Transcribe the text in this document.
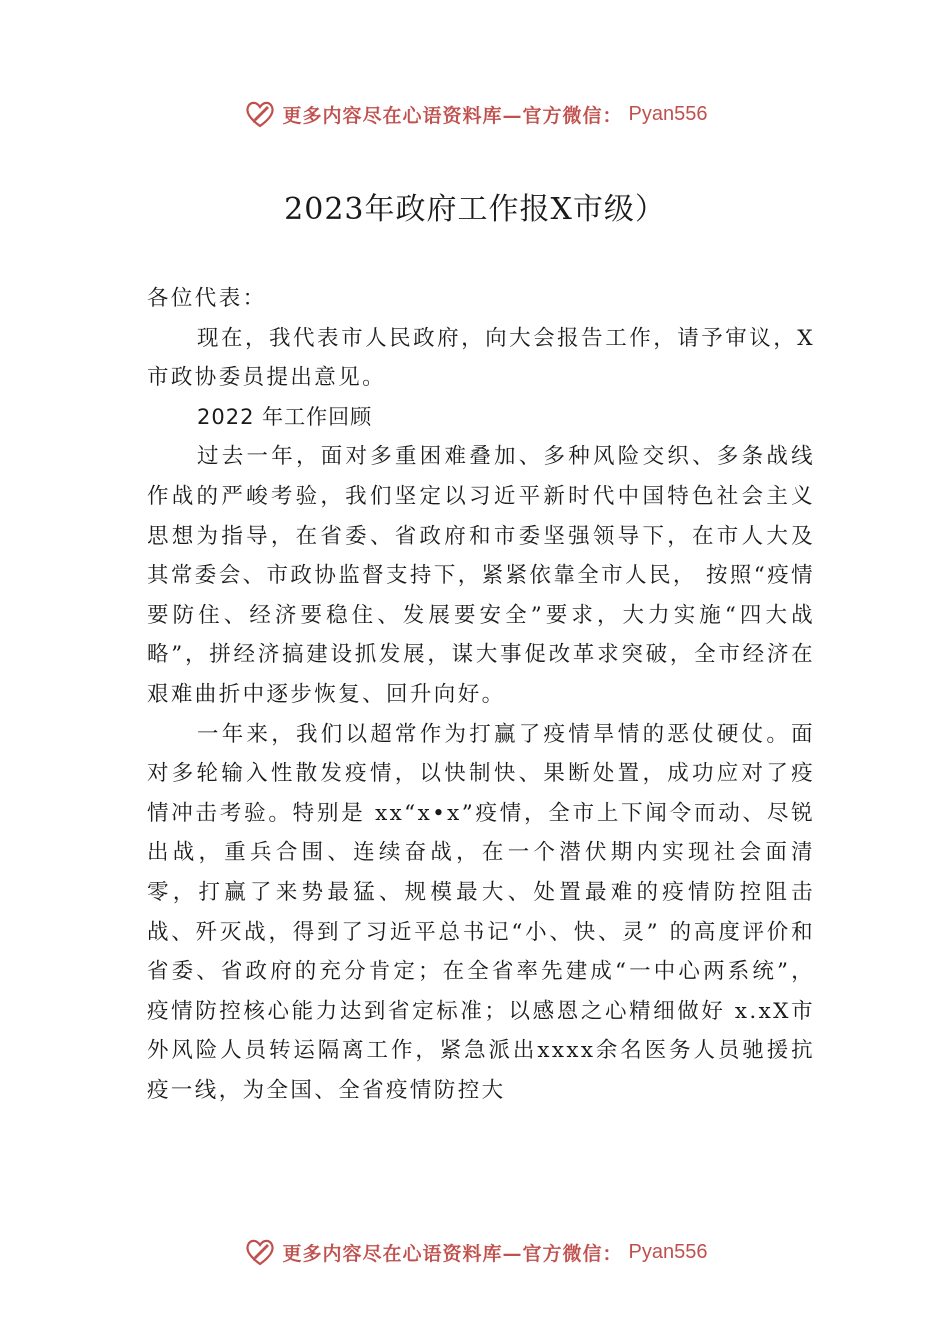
更多内容尽在心语资料库—官方微信： Pyan556
2023年政府工作报X市级）

各位代表：

现在，我代表市人民政府，向大会报告工作，请予审议，X市政协委员提出意见。

2022 年工作回顾

过去一年，面对多重困难叠加、多种风险交织、多条战线作战的严峻考验，我们坚定以习近平新时代中国特色社会主义思想为指导，在省委、省政府和市委坚强领导下，在市人大及其常委会、市政协监督支持下，紧紧依靠全市人民， 按照“疫情要防住、经济要稳住、发展要安全”要求，大力实施“四大战略”，拼经济搞建设抓发展，谋大事促改革求突破，全市经济在艰难曲折中逐步恢复、回升向好。

一年来，我们以超常作为打赢了疫情旱情的恶仗硬仗。面对多轮输入性散发疫情，以快制快、果断处置，成功应对了疫情冲击考验。特别是 xx“x•x”疫情，全市上下闻令而动、尽锐出战，重兵合围、连续奋战，在一个潜伏期内实现社会面清零，打赢了来势最猛、规模最大、处置最难的疫情防控阻击战、歼灭战，得到了习近平总书记“小、快、灵” 的高度评价和省委、省政府的充分肯定；在全省率先建成“一中心两系统”，疫情防控核心能力达到省定标准；以感恩之心精细做好 x.xX市外风险人员转运隔离工作，紧急派出xxxx余名医务人员驰援抗疫一线，为全国、全省疫情防控大

更多内容尽在心语资料库—官方微信： Pyan556
